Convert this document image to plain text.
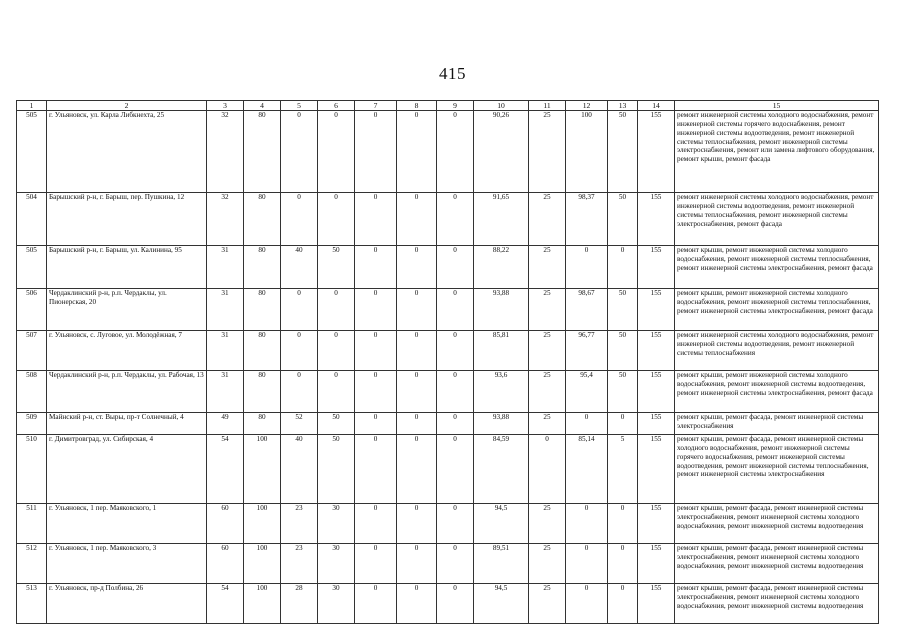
415
1	2	3	4	5	6	7	8	9	10	11	12	13	14	15
505	г. Ульяновск, ул. Карла Либкнехта, 25	32	80	0	0	0	0	0	90,26	25	100	50	155	ремонт инженерной системы холодного водоснабжения, ремонт инженерной системы горячего водоснабжения, ремонт инженерной системы водоотведения, ремонт инженерной системы теплоснабжения, ремонт инженерной системы электроснабжения, ремонт или замена лифтового оборудования, ремонт крыши, ремонт фасада
504	Барышский р-н, г. Барыш, пер. Пушкина, 12	32	80	0	0	0	0	0	91,65	25	98,37	50	155	ремонт инженерной системы холодного водоснабжения, ремонт инженерной системы водоотведения, ремонт инженерной системы теплоснабжения, ремонт инженерной системы электроснабжения, ремонт фасада
505	Барышский р-н, г. Барыш, ул. Калинина, 95	31	80	40	50	0	0	0	88,22	25	0	0	155	ремонт крыши, ремонт инженерной системы холодного водоснабжения, ремонт инженерной системы теплоснабжения, ремонт инженерной системы электроснабжения, ремонт фасада
506	Чердаклинский р-н, р.п. Чердаклы, ул. Пионерская, 20	31	80	0	0	0	0	0	93,88	25	98,67	50	155	ремонт крыши, ремонт инженерной системы холодного водоснабжения, ремонт инженерной системы теплоснабжения, ремонт инженерной системы электроснабжения, ремонт фасада
507	г. Ульяновск, с. Луговое, ул. Молодёжная, 7	31	80	0	0	0	0	0	85,81	25	96,77	50	155	ремонт инженерной системы холодного водоснабжения, ремонт инженерной системы водоотведения, ремонт инженерной системы теплоснабжения
508	Чердаклинский р-н, р.п. Чердаклы, ул. Рабочая, 13	31	80	0	0	0	0	0	93,6	25	95,4	50	155	ремонт крыши, ремонт инженерной системы холодного водоснабжения, ремонт инженерной системы водоотведения, ремонт инженерной системы электроснабжения, ремонт фасада
509	Майнский р-н, ст. Выры, пр-т Солнечный, 4	49	80	52	50	0	0	0	93,88	25	0	0	155	ремонт крыши, ремонт фасада, ремонт инженерной системы электроснабжения
510	г. Димитровград, ул. Сибирская, 4	54	100	40	50	0	0	0	84,59	0	85,14	5	155	ремонт крыши, ремонт фасада, ремонт инженерной системы холодного водоснабжения, ремонт инженерной системы горячего водоснабжения, ремонт инженерной системы водоотведения, ремонт инженерной системы теплоснабжения, ремонт инженерной системы электроснабжения
511	г. Ульяновск, 1 пер. Маяковского, 1	60	100	23	30	0	0	0	94,5	25	0	0	155	ремонт крыши, ремонт фасада, ремонт инженерной системы электроснабжения, ремонт инженерной системы холодного водоснабжения, ремонт инженерной системы водоотведения
512	г. Ульяновск, 1 пер. Маяковского, 3	60	100	23	30	0	0	0	89,51	25	0	0	155	ремонт крыши, ремонт фасада, ремонт инженерной системы электроснабжения, ремонт инженерной системы холодного водоснабжения, ремонт инженерной системы водоотведения
513	г. Ульяновск, пр-д Полбина, 26	54	100	28	30	0	0	0	94,5	25	0	0	155	ремонт крыши, ремонт фасада, ремонт инженерной системы электроснабжения, ремонт инженерной системы холодного водоснабжения, ремонт инженерной системы водоотведения
